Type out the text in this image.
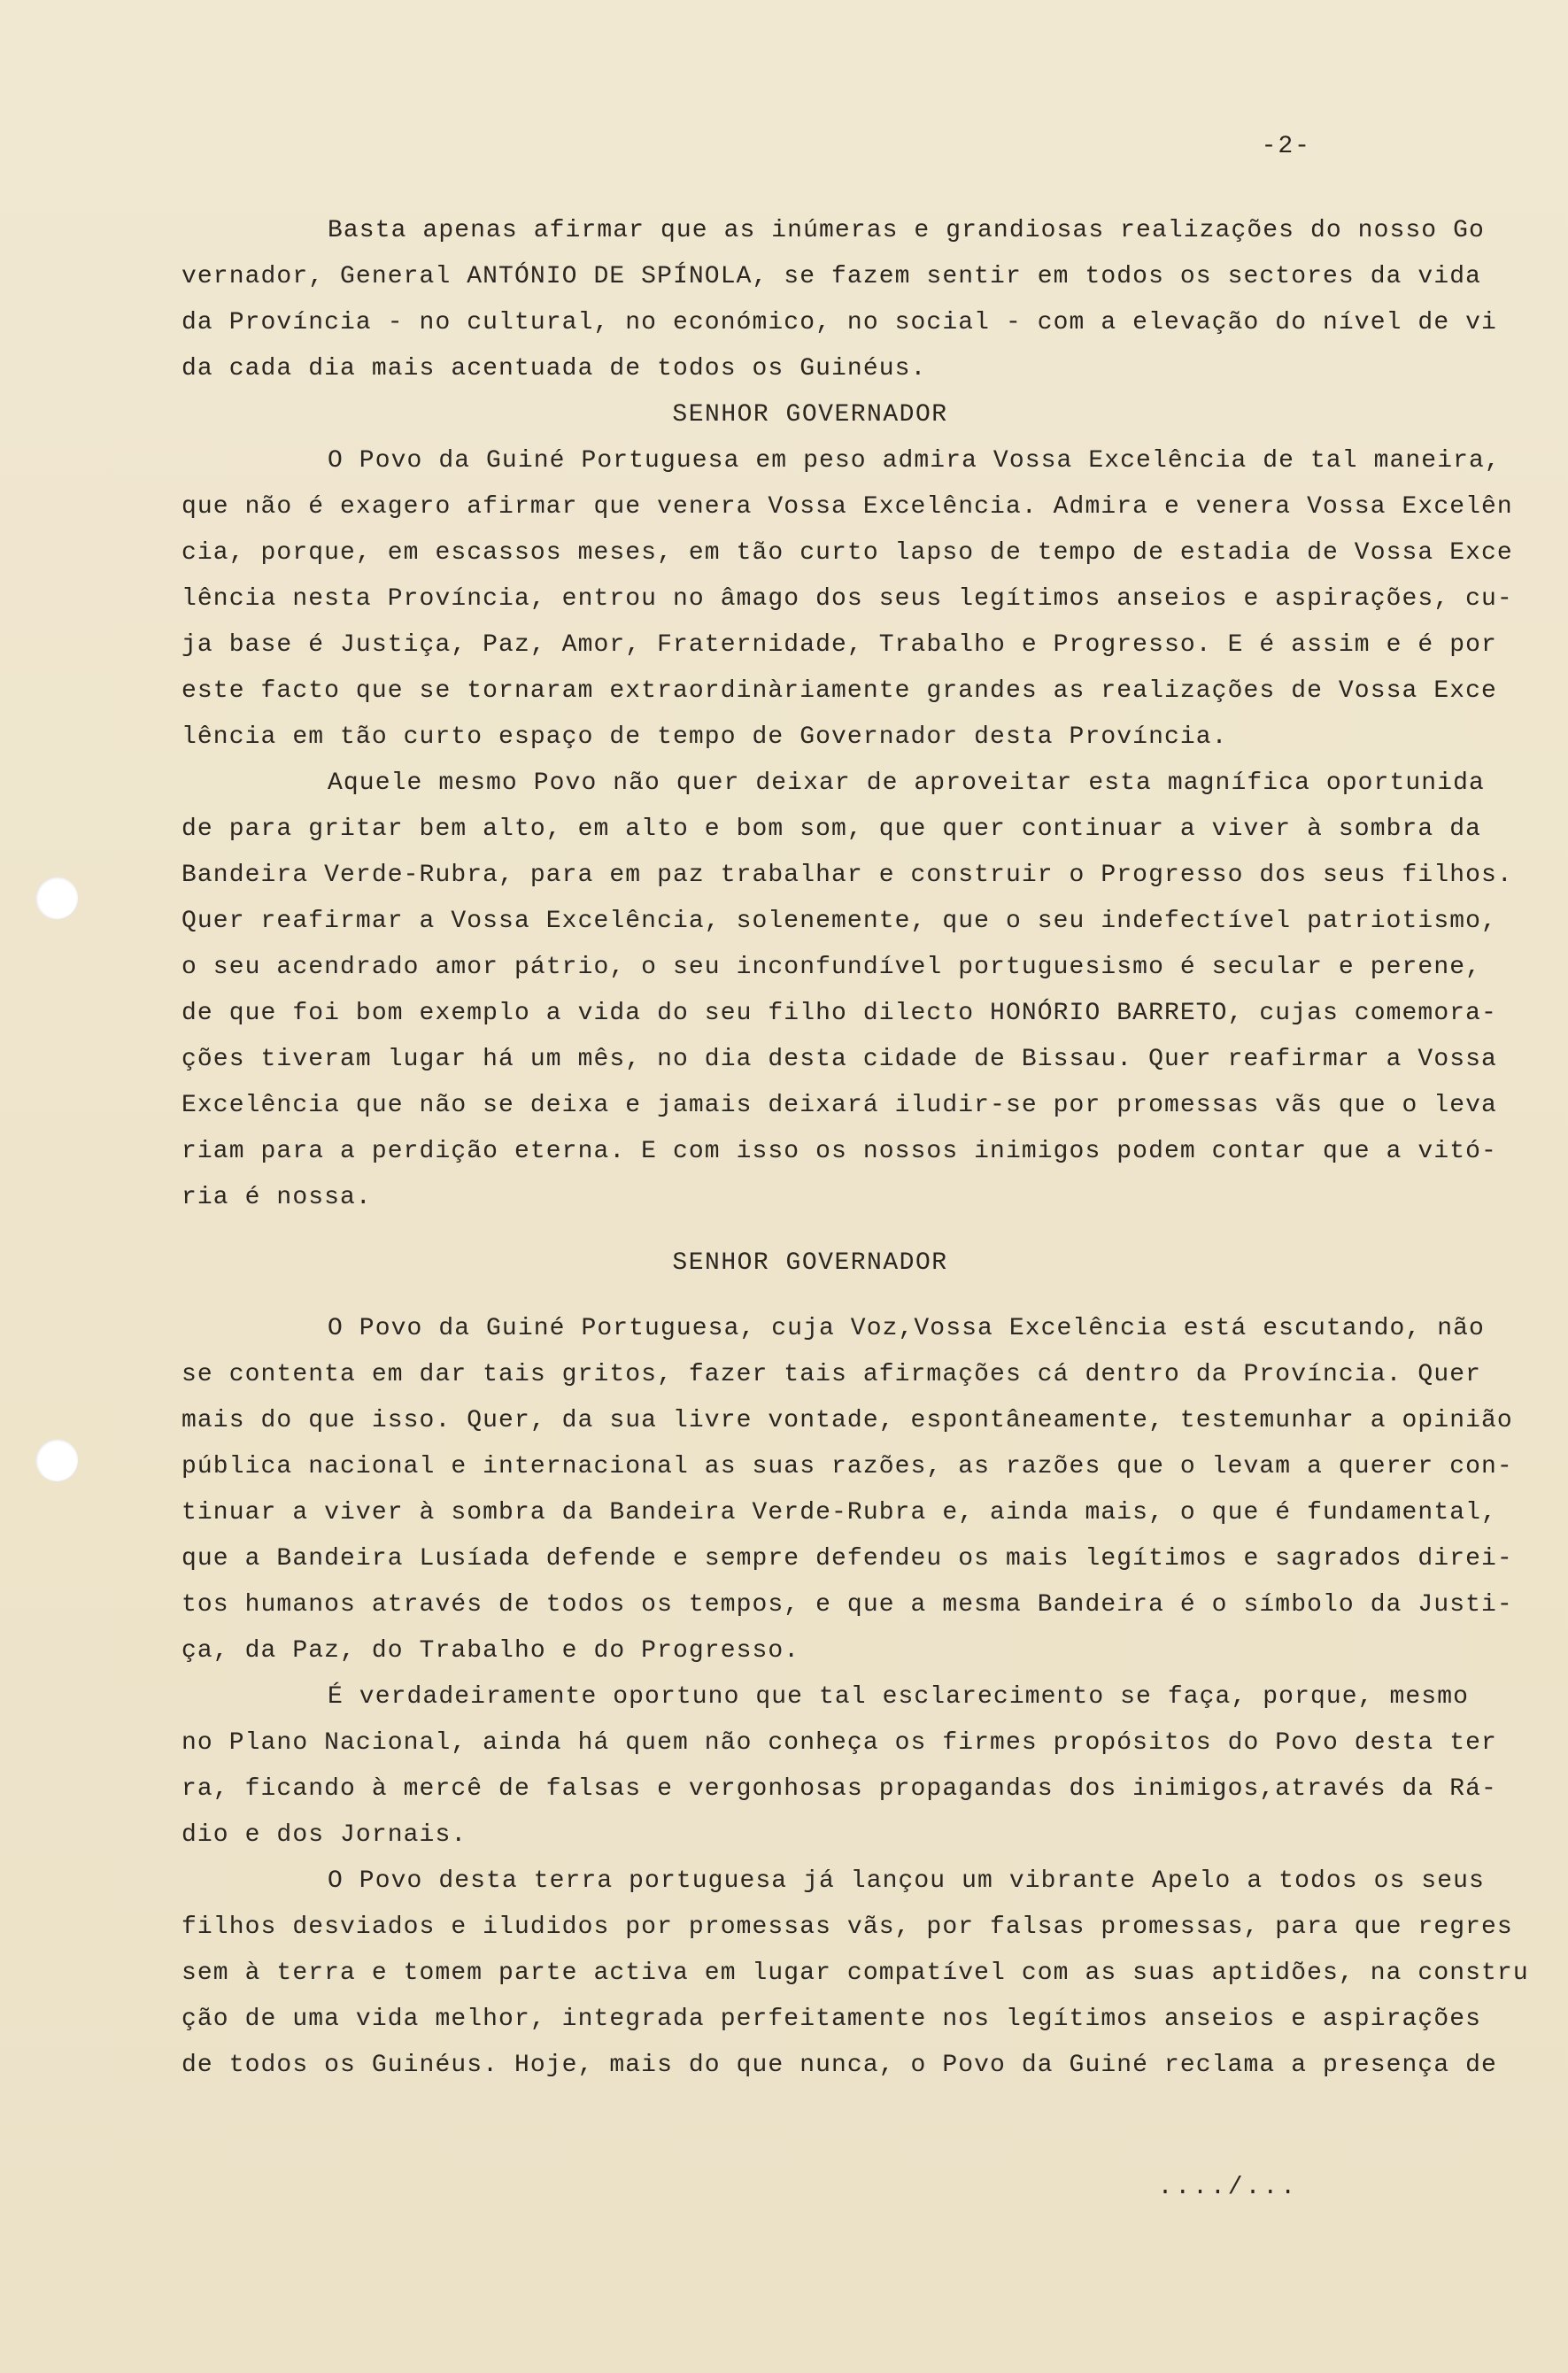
-2-
Basta apenas afirmar que as inúmeras e grandiosas realizações do nosso Go
vernador, General ANTÓNIO DE SPÍNOLA, se fazem sentir em todos os sectores da vida
da Província - no cultural, no económico, no social - com a elevação do nível de vi
da cada dia mais acentuada de todos os Guinéus.
SENHOR GOVERNADOR
O Povo da Guiné Portuguesa em peso admira Vossa Excelência de tal maneira,
que não é exagero afirmar que venera Vossa Excelência. Admira e venera Vossa Excelên
cia, porque, em escassos meses, em tão curto lapso de tempo de estadia de Vossa Exce
lência nesta Província, entrou no âmago dos seus legítimos anseios e aspirações, cu-
ja base é Justiça, Paz, Amor, Fraternidade, Trabalho e Progresso. E é assim e é por
este facto que se tornaram extraordinàriamente grandes as realizações de Vossa Exce
lência em tão curto espaço de tempo de Governador desta Província.
Aquele mesmo Povo não quer deixar de aproveitar esta magnífica oportunida
de para gritar bem alto, em alto e bom som, que quer continuar a viver à sombra da
Bandeira Verde-Rubra, para em paz trabalhar e construir o Progresso dos seus filhos.
Quer reafirmar a Vossa Excelência, solenemente, que o seu indefectível patriotismo,
o seu acendrado amor pátrio, o seu inconfundível portuguesismo é secular e perene,
de que foi bom exemplo a vida do seu filho dilecto HONÓRIO BARRETO, cujas comemora-
ções tiveram lugar há um mês, no dia desta cidade de Bissau. Quer reafirmar a Vossa
Excelência que não se deixa e jamais deixará iludir-se por promessas vãs que o leva
riam para a perdição eterna. E com isso os nossos inimigos podem contar que a vitó-
ria é nossa.
SENHOR GOVERNADOR
O Povo da Guiné Portuguesa, cuja Voz,Vossa Excelência está escutando, não
se contenta em dar tais gritos, fazer tais afirmações cá dentro da Província. Quer
mais do que isso. Quer, da sua livre vontade, espontâneamente, testemunhar a opinião
pública nacional e internacional as suas razões, as razões que o levam a querer con-
tinuar a viver à sombra da Bandeira Verde-Rubra e, ainda mais, o que é fundamental,
que a Bandeira Lusíada defende e sempre defendeu os mais legítimos e sagrados direi-
tos humanos através de todos os tempos, e que a mesma Bandeira é o símbolo da Justi-
ça, da Paz, do Trabalho e do Progresso.
É verdadeiramente oportuno que tal esclarecimento se faça, porque, mesmo
no Plano Nacional, ainda há quem não conheça os firmes propósitos do Povo desta ter
ra, ficando à mercê de falsas e vergonhosas propagandas dos inimigos,através da Rá-
dio e dos Jornais.
O Povo desta terra portuguesa já lançou um vibrante Apelo a todos os seus
filhos desviados e iludidos por promessas vãs, por falsas promessas, para que regres
sem à terra e tomem parte activa em lugar compatível com as suas aptidões, na constru
ção de uma vida melhor, integrada perfeitamente nos legítimos anseios e aspirações
de todos os Guinéus. Hoje, mais do que nunca, o Povo da Guiné reclama a presença de
..../...
